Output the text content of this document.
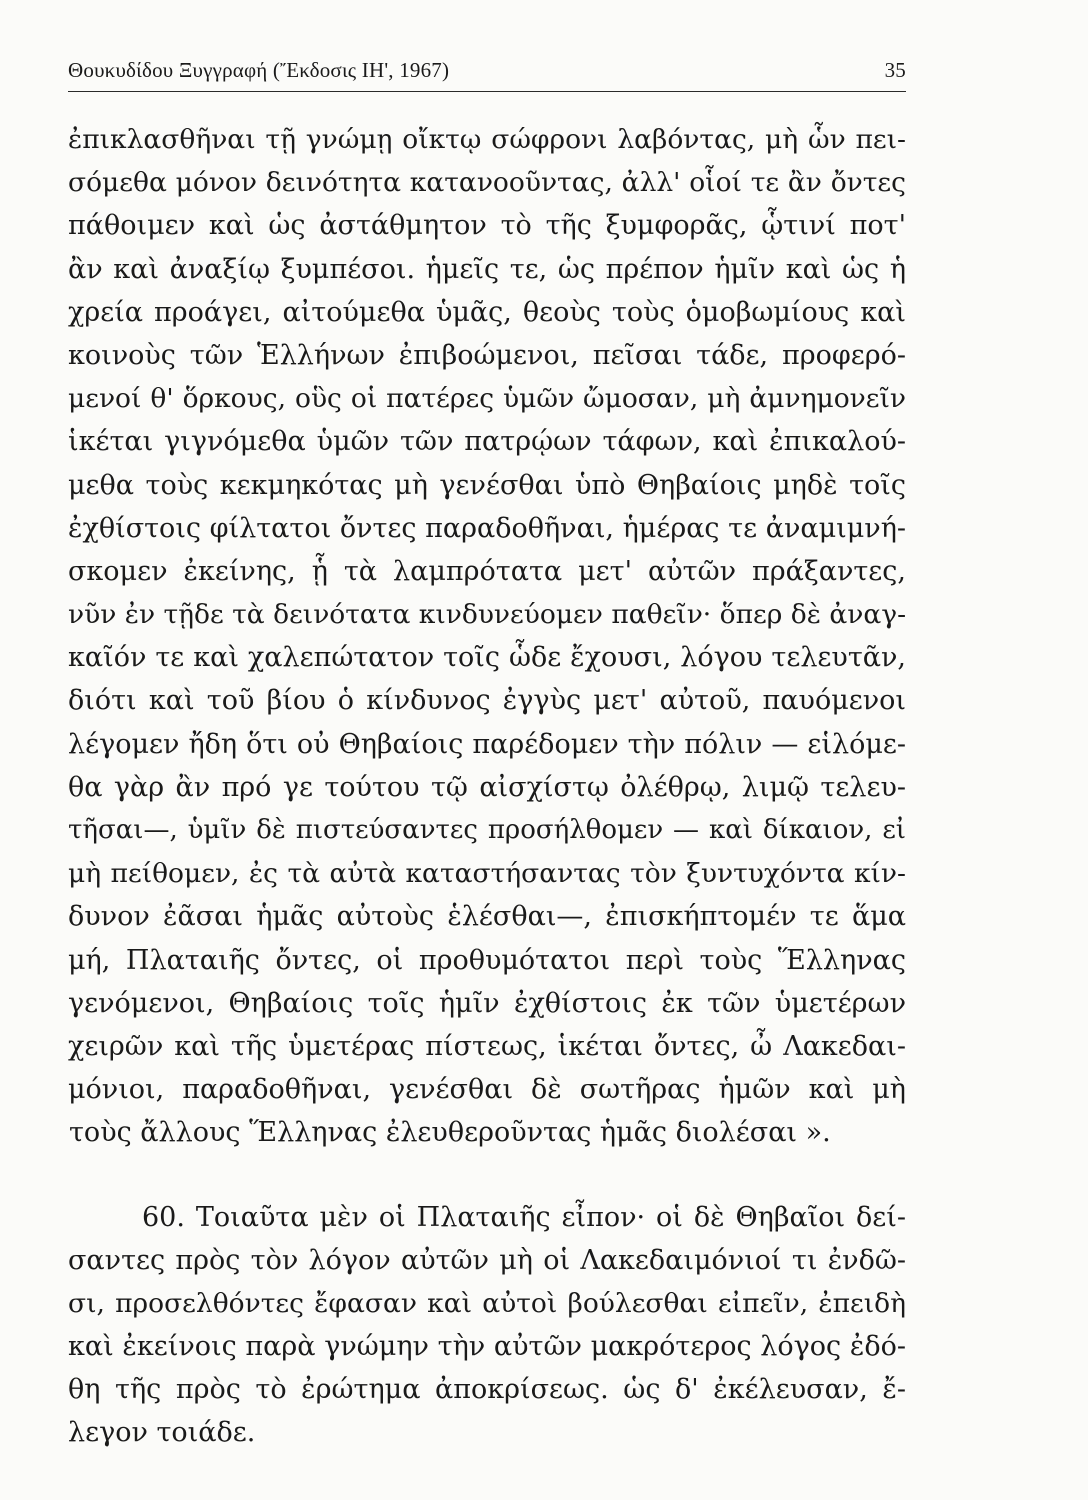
Θουκυδίδου Ξυγγραφή (Ἔκδοσις ΙΗ', 1967)	35
ἐπικλασθῆναι τῇ γνώμῃ οἴκτῳ σώφρονι λαβόντας, μὴ ὧν πει-
σόμεθα μόνον δεινότητα κατανοοῦντας, ἀλλ' οἷοί τε ἂν ὄντες
πάθοιμεν καὶ ὡς ἀστάθμητον τὸ τῆς ξυμφορᾶς, ᾧτινί ποτ'
ἂν καὶ ἀναξίῳ ξυμπέσοι. ἡμεῖς τε, ὡς πρέπον ἡμῖν καὶ ὡς ἡ
χρεία προάγει, αἰτούμεθα ὑμᾶς, θεοὺς τοὺς ὁμοβωμίους καὶ
κοινοὺς τῶν Ἑλλήνων ἐπιβοώμενοι, πεῖσαι τάδε, προφερό-
μενοί θ' ὅρκους, οὓς οἱ πατέρες ὑμῶν ὤμοσαν, μὴ ἀμνημονεῖν
ἱκέται γιγνόμεθα ὑμῶν τῶν πατρῴων τάφων, καὶ ἐπικαλού-
μεθα τοὺς κεκμηκότας μὴ γενέσθαι ὑπὸ Θηβαίοις μηδὲ τοῖς
ἐχθίστοις φίλτατοι ὄντες παραδοθῆναι, ἡμέρας τε ἀναμιμνή-
σκομεν ἐκείνης, ᾗ τὰ λαμπρότατα μετ' αὐτῶν πράξαντες,
νῦν ἐν τῇδε τὰ δεινότατα κινδυνεύομεν παθεῖν· ὅπερ δὲ ἀναγ-
καῖόν τε καὶ χαλεπώτατον τοῖς ὧδε ἔχουσι, λόγου τελευτᾶν,
διότι καὶ τοῦ βίου ὁ κίνδυνος ἐγγὺς μετ' αὐτοῦ, παυόμενοι
λέγομεν ἤδη ὅτι οὐ Θηβαίοις παρέδομεν τὴν πόλιν — εἱλόμε-
θα γὰρ ἂν πρό γε τούτου τῷ αἰσχίστῳ ὀλέθρῳ, λιμῷ τελευ-
τῆσαι—, ὑμῖν δὲ πιστεύσαντες προσήλθομεν — καὶ δίκαιον, εἰ
μὴ πείθομεν, ἐς τὰ αὐτὰ καταστήσαντας τὸν ξυντυχόντα κίν-
δυνον ἐᾶσαι ἡμᾶς αὐτοὺς ἑλέσθαι—, ἐπισκήπτομέν τε ἅμα
μή, Πλαταιῆς ὄντες, οἱ προθυμότατοι περὶ τοὺς Ἕλληνας
γενόμενοι, Θηβαίοις τοῖς ἡμῖν ἐχθίστοις ἐκ τῶν ὑμετέρων
χειρῶν καὶ τῆς ὑμετέρας πίστεως, ἱκέται ὄντες, ὦ Λακεδαι-
μόνιοι, παραδοθῆναι, γενέσθαι δὲ σωτῆρας ἡμῶν καὶ μὴ
τοὺς ἄλλους Ἕλληνας ἐλευθεροῦντας ἡμᾶς διολέσαι ».
60. Τοιαῦτα μὲν οἱ Πλαταιῆς εἶπον· οἱ δὲ Θηβαῖοι δεί-
σαντες πρὸς τὸν λόγον αὐτῶν μὴ οἱ Λακεδαιμόνιοί τι ἐνδῶ-
σι, προσελθόντες ἔφασαν καὶ αὐτοὶ βούλεσθαι εἰπεῖν, ἐπειδὴ
καὶ ἐκείνοις παρὰ γνώμην τὴν αὐτῶν μακρότερος λόγος ἐδό-
θη τῆς πρὸς τὸ ἐρώτημα ἀποκρίσεως. ὡς δ' ἐκέλευσαν, ἔ-
λεγον τοιάδε.
